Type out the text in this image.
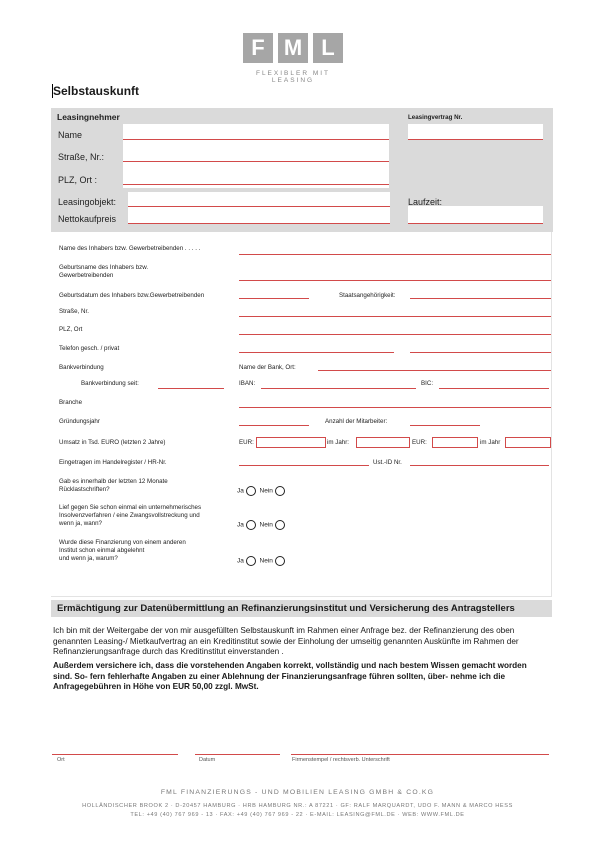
F M L
FLEXIBLER MIT LEASING
Selbstauskunft
Leasingnehmer
Name
Straße, Nr.:
PLZ, Ort :
Leasingvertrag Nr.
Leasingobjekt:
Nettokaufpreis
Laufzeit:
Name des Inhabers bzw. Gewerbetreibenden . . . . .
Geburtsname des Inhabers bzw.
Gewerbetreibenden
Geburtsdatum des Inhabers bzw.Gewerbetreibenden	Staatsangehörigkeit:
Straße, Nr.
PLZ, Ort
Telefon gesch. / privat
Bankverbindung	Name der Bank, Ort:
Bankverbindung seit:	IBAN:	BIC:
Branche
Gründungsjahr	Anzahl der Mitarbeiter:
Umsatz in Tsd. EURO (letzten 2 Jahre)	EUR:	im Jahr:	EUR:	im Jahr
Eingetragen im Handelregister / HR-Nr.	Ust.-ID Nr.
Gab es innerhalb der letzten 12 Monate
Rücklastschriften?	Ja Nein
Lief gegen Sie schon einmal ein unternehmerisches
Insolvenzverfahren / eine Zwangsvollstreckung und
wenn ja, wann?	Ja Nein
Wurde diese Finanzierung von einem anderen
Institut schon einmal abgelehnt
und wenn ja, warum?	Ja Nein
Ermächtigung zur Datenübermittlung an Refinanzierungsinstitut und Versicherung des Antragstellers
Ich bin mit der Weitergabe der von mir ausgefüllten Selbstauskunft im Rahmen einer Anfrage bez. der Refinanzierung des oben genannten Leasing-/ Mietkaufvertrag an ein Kreditinstitut sowie der Einholung der umseitig genannten Auskünfte im Rahmen der Refinanzierungsanfrage durch das Kreditinstitut einverstanden .
Außerdem versichere ich, dass die vorstehenden Angaben korrekt, vollständig und nach bestem Wissen gemacht worden sind. So- fern fehlerhafte Angaben zu einer Ablehnung der Finanzierungsanfrage führen sollten, über- nehme ich die Anfragegebühren in Höhe von EUR 50,00 zzgl. MwSt.
Ort	Datum	Firmenstempel / rechtsverb. Unterschrift
FML FINANZIERUNGS - UND MOBILIEN LEASING GMBH & CO.KG
HOLLÄNDISCHER BROOK 2 · D-20457 HAMBURG · HRB HAMBURG NR.: A 87221 · GF: RALF MARQUARDT, UDO F. MANN & MARCO HESS
TEL: +49 (40) 767 969 - 13 · FAX: +49 (40) 767 969 - 22 · E-MAIL: LEASING@FML.DE · WEB: WWW.FML.DE
